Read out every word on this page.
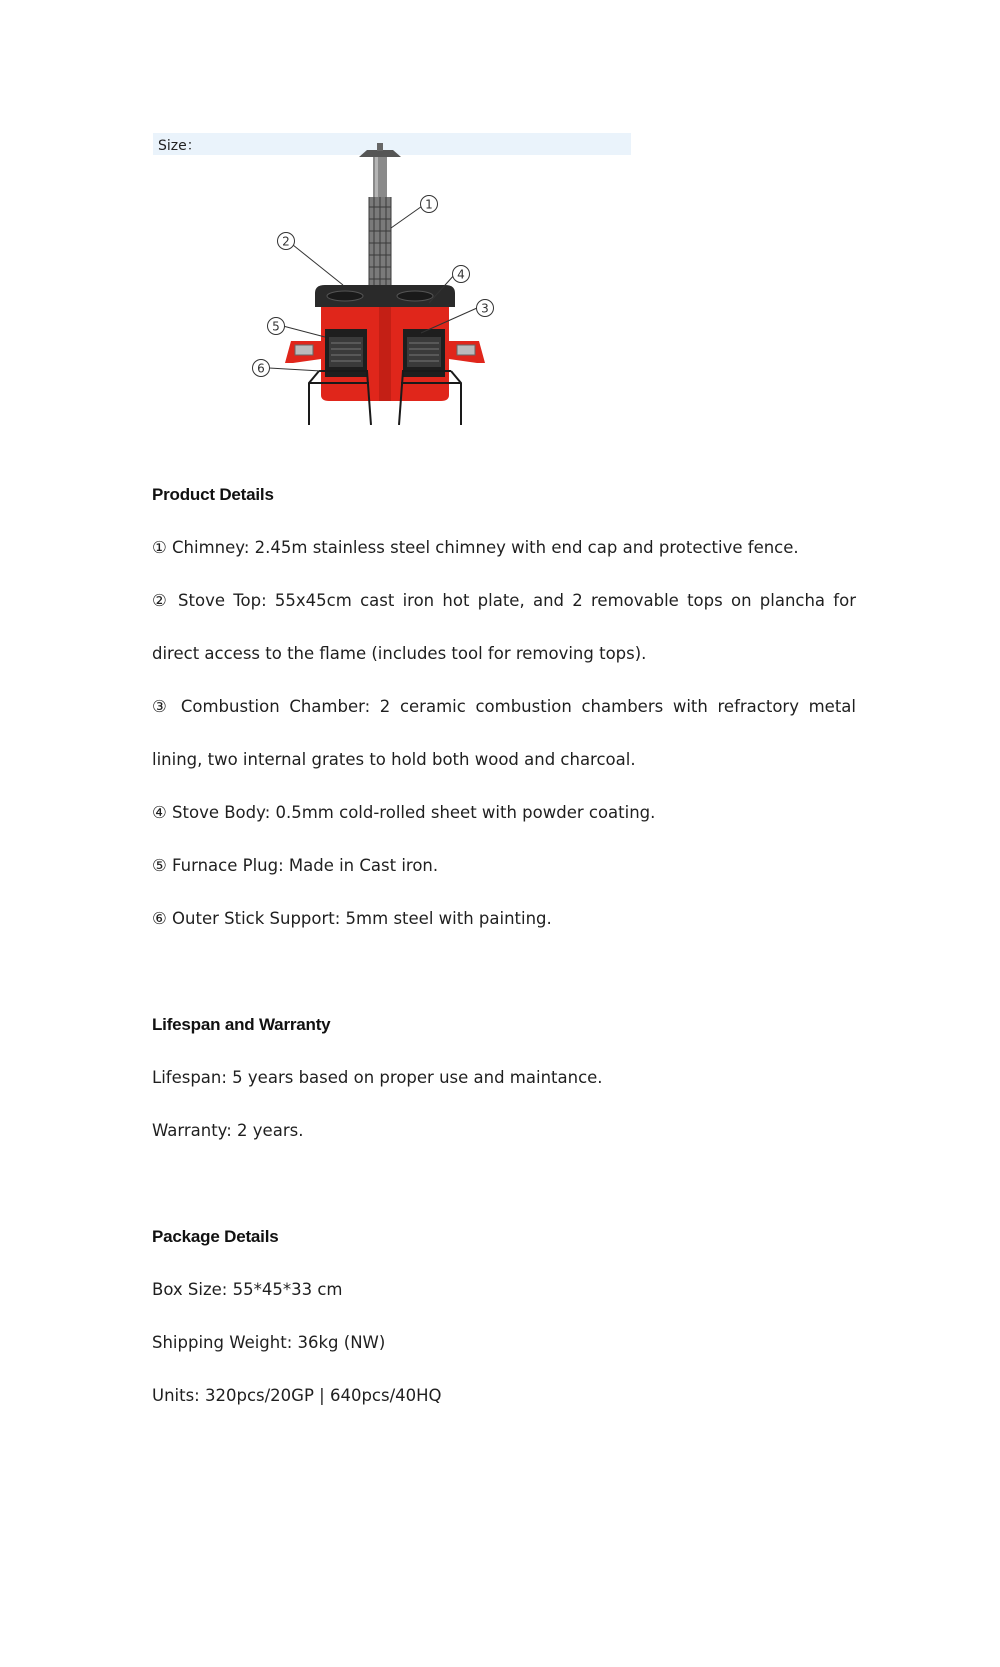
Size：
1
2
3
4
5
6

Product Details

① Chimney: 2.45m stainless steel chimney with end cap and protective fence.

② Stove Top: 55x45cm cast iron hot plate, and 2 removable tops on plancha for direct access to the flame (includes tool for removing tops).

③ Combustion Chamber: 2 ceramic combustion chambers with refractory metal lining, two internal grates to hold both wood and charcoal.

④ Stove Body: 0.5mm cold-rolled sheet with powder coating.

⑤ Furnace Plug: Made in Cast iron.

⑥ Outer Stick Support: 5mm steel with painting.

Lifespan and Warranty

Lifespan: 5 years based on proper use and maintance.

Warranty: 2 years.

Package Details

Box Size: 55*45*33 cm

Shipping Weight: 36kg (NW)

Units: 320pcs/20GP | 640pcs/40HQ
